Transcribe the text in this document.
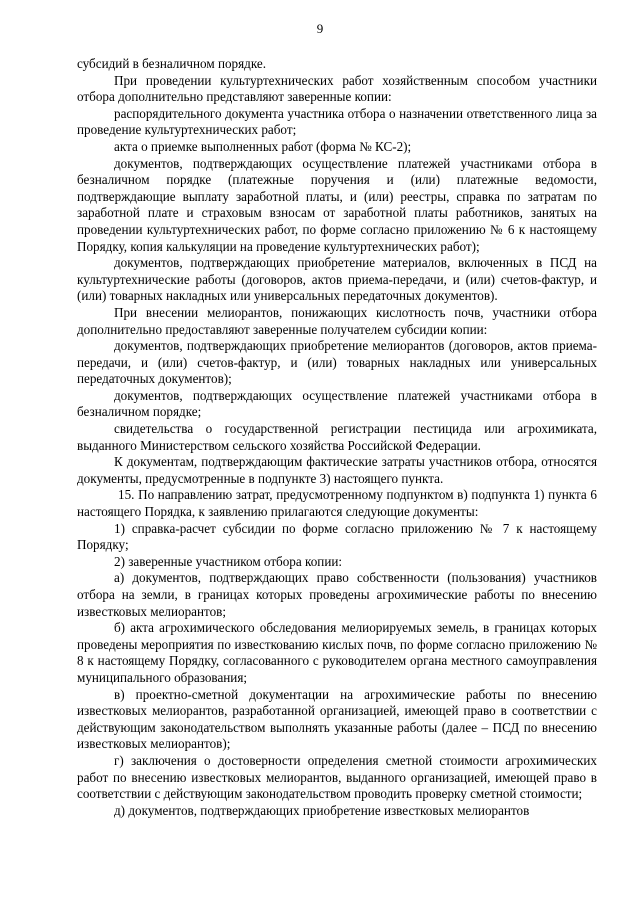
9

субсидий в безналичном порядке.

При проведении культуртехнических работ хозяйственным способом участники отбора дополнительно представляют заверенные копии:

распорядительного документа участника отбора о назначении ответственного лица за проведение культуртехнических работ;

акта о приемке выполненных работ (форма № КС-2);

документов, подтверждающих осуществление платежей участниками отбора в безналичном порядке (платежные поручения и (или) платежные ведомости, подтверждающие выплату заработной платы, и (или) реестры, справка по затратам по заработной плате и страховым взносам от заработной платы работников, занятых на проведении культуртехнических работ, по форме согласно приложению № 6 к настоящему Порядку, копия калькуляции на проведение культуртехнических работ);

документов, подтверждающих приобретение материалов, включенных в ПСД на культуртехнические работы (договоров, актов приема-передачи, и (или) счетов-фактур, и (или) товарных накладных или универсальных передаточных документов).

При внесении мелиорантов, понижающих кислотность почв, участники отбора дополнительно предоставляют заверенные получателем субсидии копии:

документов, подтверждающих приобретение мелиорантов (договоров, актов приема-передачи, и (или) счетов-фактур, и (или) товарных накладных или универсальных передаточных документов);

документов, подтверждающих осуществление платежей участниками отбора в безналичном порядке;

свидетельства о государственной регистрации пестицида или агрохимиката, выданного Министерством сельского хозяйства Российской Федерации.

К документам, подтверждающим фактические затраты участников отбора, относятся документы, предусмотренные в подпункте 3) настоящего пункта.

15. По направлению затрат, предусмотренному подпунктом в) подпункта 1) пункта 6 настоящего Порядка, к заявлению прилагаются следующие документы:

1) справка-расчет субсидии по форме согласно приложению № 7 к настоящему Порядку;

2) заверенные участником отбора копии:

а) документов, подтверждающих право собственности (пользования) участников отбора на земли, в границах которых проведены агрохимические работы по внесению известковых мелиорантов;

б) акта агрохимического обследования мелиорируемых земель, в границах которых проведены мероприятия по известкованию кислых почв, по форме согласно приложению № 8 к настоящему Порядку, согласованного с руководителем органа местного самоуправления муниципального образования;

в) проектно-сметной документации на агрохимические работы по внесению известковых мелиорантов, разработанной организацией, имеющей право в соответствии с действующим законодательством выполнять указанные работы (далее – ПСД по внесению известковых мелиорантов);

г) заключения о достоверности определения сметной стоимости агрохимических работ по внесению известковых мелиорантов, выданного организацией, имеющей право в соответствии с действующим законодательством проводить проверку сметной стоимости;

д) документов, подтверждающих приобретение известковых мелиорантов
